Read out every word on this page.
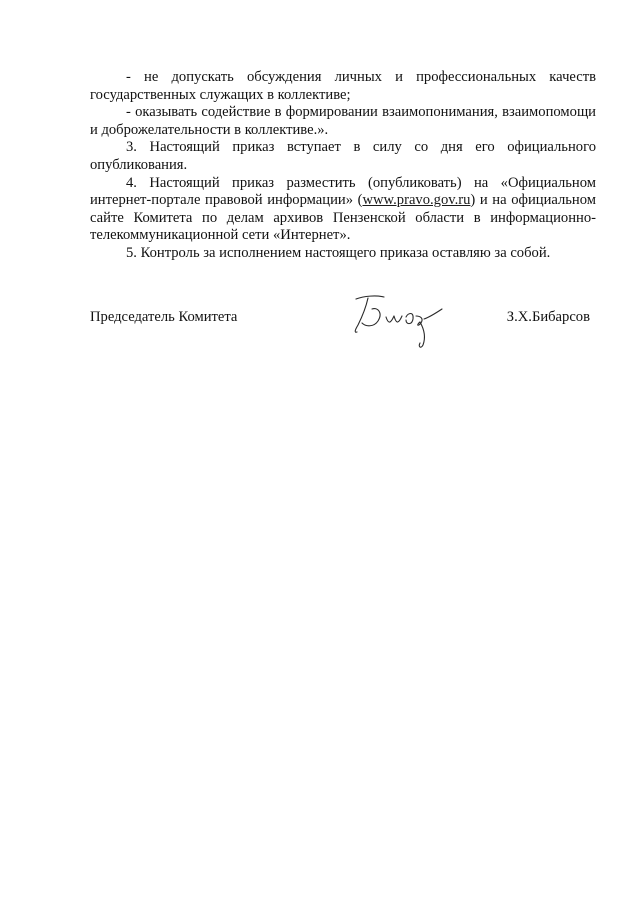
- не допускать обсуждения личных и профессиональных качеств государственных служащих в коллективе;

- оказывать содействие в формировании взаимопонимания, взаимопомощи и доброжелательности в коллективе.».

3. Настоящий приказ вступает в силу со дня его официального опубликования.

4. Настоящий приказ разместить (опубликовать) на «Официальном интернет-портале правовой информации» (www.pravo.gov.ru) и на официальном сайте Комитета по делам архивов Пензенской области в информационно-телекоммуникационной сети «Интернет».

5. Контроль за исполнением настоящего приказа оставляю за собой.

Председатель Комитета	З.Х.Бибарсов
